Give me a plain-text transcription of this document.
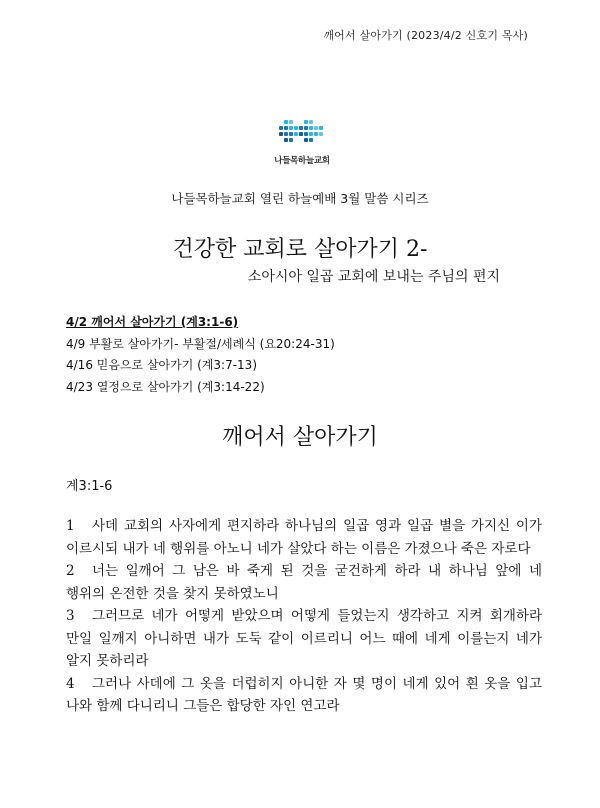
깨어서 살아가기 (2023/4/2 신호기 목사)
나들목하늘교회
나들목하늘교회 열린 하늘예배 3월 말씀 시리즈
건강한 교회로 살아가기 2-
소아시아 일곱 교회에 보내는 주님의 편지
4/2 깨어서 살아가기 (계3:1-6)
4/9 부활로 살아가기- 부활절/세례식 (요20:24-31)
4/16 믿음으로 살아가기 (계3:7-13)
4/23 열정으로 살아가기 (계3:14-22)
깨어서 살아가기
계3:1-6
1 사데 교회의 사자에게 편지하라 하나님의 일곱 영과 일곱 별을 가지신 이가 이르시되 내가 네 행위를 아노니 네가 살았다 하는 이름은 가졌으나 죽은 자로다
2 너는 일깨어 그 남은 바 죽게 된 것을 굳건하게 하라 내 하나님 앞에 네 행위의 온전한 것을 찾지 못하였노니
3 그러므로 네가 어떻게 받았으며 어떻게 들었는지 생각하고 지켜 회개하라 만일 일깨지 아니하면 내가 도둑 같이 이르리니 어느 때에 네게 이를는지 네가 알지 못하리라
4 그러나 사데에 그 옷을 더럽히지 아니한 자 몇 명이 네게 있어 흰 옷을 입고 나와 함께 다니리니 그들은 합당한 자인 연고라
